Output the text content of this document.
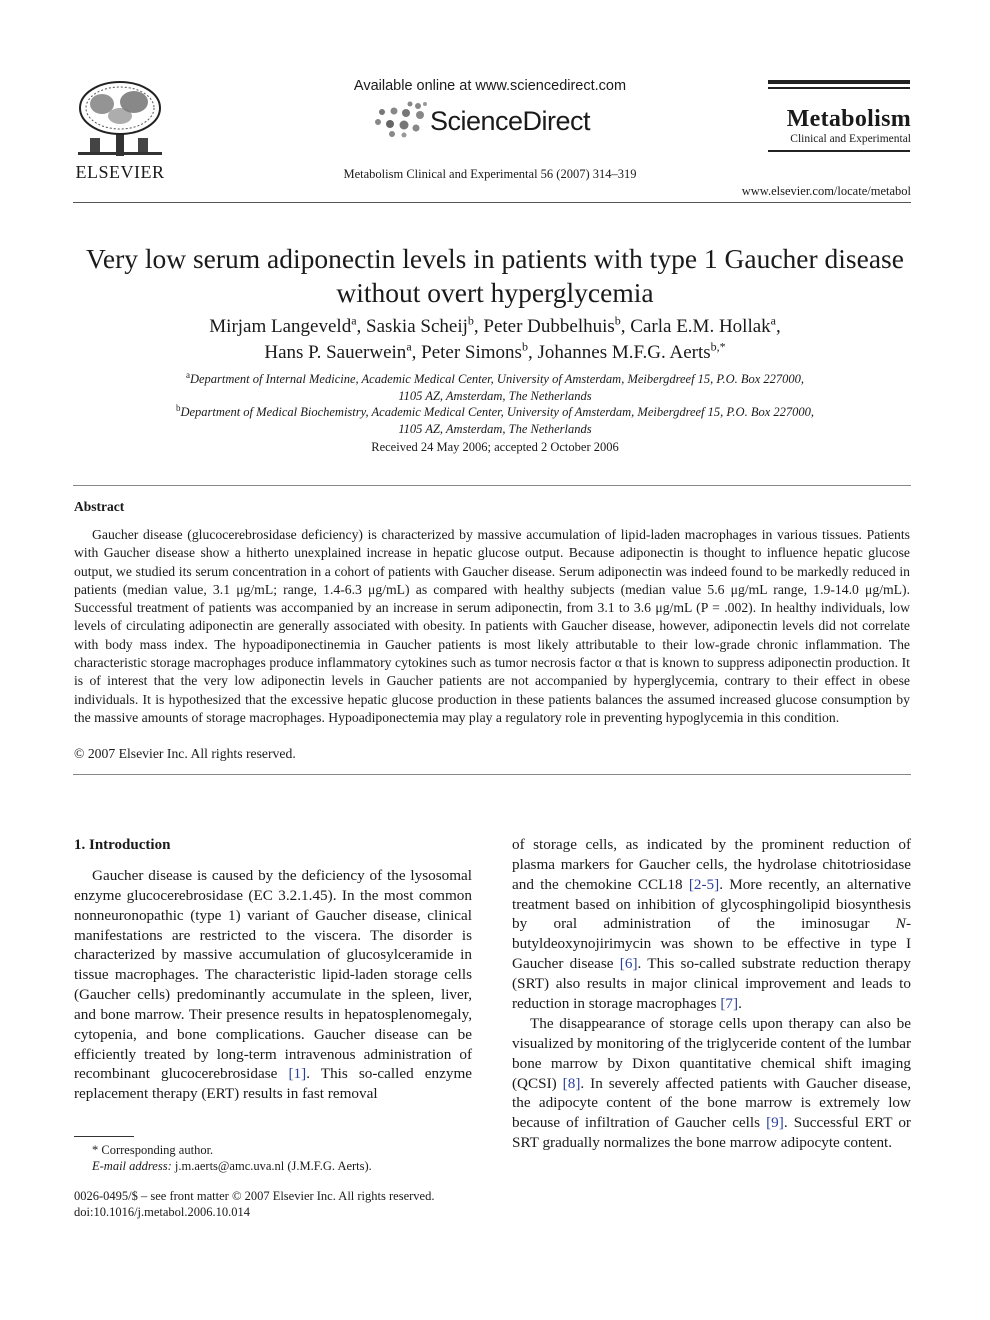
ELSEVIER
Available online at www.sciencedirect.com
ScienceDirect
Metabolism Clinical and Experimental 56 (2007) 314–319
Metabolism
Clinical and Experimental
www.elsevier.com/locate/metabol
Very low serum adiponectin levels in patients with type 1 Gaucher disease
without overt hyperglycemia
Mirjam Langeveld$^a$, Saskia Scheij$^b$, Peter Dubbelhuis$^b$, Carla E.M. Hollak$^a$,
Hans P. Sauerwein$^a$, Peter Simons$^b$, Johannes M.F.G. Aerts$^{b,*}$
$^a$Department of Internal Medicine, Academic Medical Center, University of Amsterdam, Meibergdreef 15, P.O. Box 227000,
1105 AZ, Amsterdam, The Netherlands
$^b$Department of Medical Biochemistry, Academic Medical Center, University of Amsterdam, Meibergdreef 15, P.O. Box 227000,
1105 AZ, Amsterdam, The Netherlands
Received 24 May 2006; accepted 2 October 2006
Abstract
Gaucher disease (glucocerebrosidase deficiency) is characterized by massive accumulation of lipid-laden macrophages in various tissues. Patients with Gaucher disease show a hitherto unexplained increase in hepatic glucose output. Because adiponectin is thought to influence hepatic glucose output, we studied its serum concentration in a cohort of patients with Gaucher disease. Serum adiponectin was indeed found to be markedly reduced in patients (median value, 3.1 μg/mL; range, 1.4-6.3 μg/mL) as compared with healthy subjects (median value 5.6 μg/mL range, 1.9-14.0 μg/mL). Successful treatment of patients was accompanied by an increase in serum adiponectin, from 3.1 to 3.6 μg/mL (P = .002). In healthy individuals, low levels of circulating adiponectin are generally associated with obesity. In patients with Gaucher disease, however, adiponectin levels did not correlate with body mass index. The hypoadiponectinemia in Gaucher patients is most likely attributable to their low-grade chronic inflammation. The characteristic storage macrophages produce inflammatory cytokines such as tumor necrosis factor α that is known to suppress adiponectin production. It is of interest that the very low adiponectin levels in Gaucher patients are not accompanied by hyperglycemia, contrary to their effect in obese individuals. It is hypothesized that the excessive hepatic glucose production in these patients balances the assumed increased glucose consumption by the massive amounts of storage macrophages. Hypoadiponectemia may play a regulatory role in preventing hypoglycemia in this condition.
© 2007 Elsevier Inc. All rights reserved.
1. Introduction
Gaucher disease is caused by the deficiency of the lysosomal enzyme glucocerebrosidase (EC 3.2.1.45). In the most common nonneuronopathic (type 1) variant of Gaucher disease, clinical manifestations are restricted to the viscera. The disorder is characterized by massive accumulation of glucosylceramide in tissue macrophages. The characteristic lipid-laden storage cells (Gaucher cells) predominantly accumulate in the spleen, liver, and bone marrow. Their presence results in hepatosplenomegaly, cytopenia, and bone complications. Gaucher disease can be efficiently treated by long-term intravenous administration of recombinant glucocerebrosidase [1]. This so-called enzyme replacement therapy (ERT) results in fast removal
of storage cells, as indicated by the prominent reduction of plasma markers for Gaucher cells, the hydrolase chitotriosidase and the chemokine CCL18 [2-5]. More recently, an alternative treatment based on inhibition of glycosphingolipid biosynthesis by oral administration of the iminosugar N-butyldeoxynojirimycin was shown to be effective in type I Gaucher disease [6]. This so-called substrate reduction therapy (SRT) also results in major clinical improvement and leads to reduction in storage macrophages [7].
The disappearance of storage cells upon therapy can also be visualized by monitoring of the triglyceride content of the lumbar bone marrow by Dixon quantitative chemical shift imaging (QCSI) [8]. In severely affected patients with Gaucher disease, the adipocyte content of the bone marrow is extremely low because of infiltration of Gaucher cells [9]. Successful ERT or SRT gradually normalizes the bone marrow adipocyte content.
* Corresponding author.
E-mail address: j.m.aerts@amc.uva.nl (J.M.F.G. Aerts).
0026-0495/$ – see front matter © 2007 Elsevier Inc. All rights reserved.
doi:10.1016/j.metabol.2006.10.014
